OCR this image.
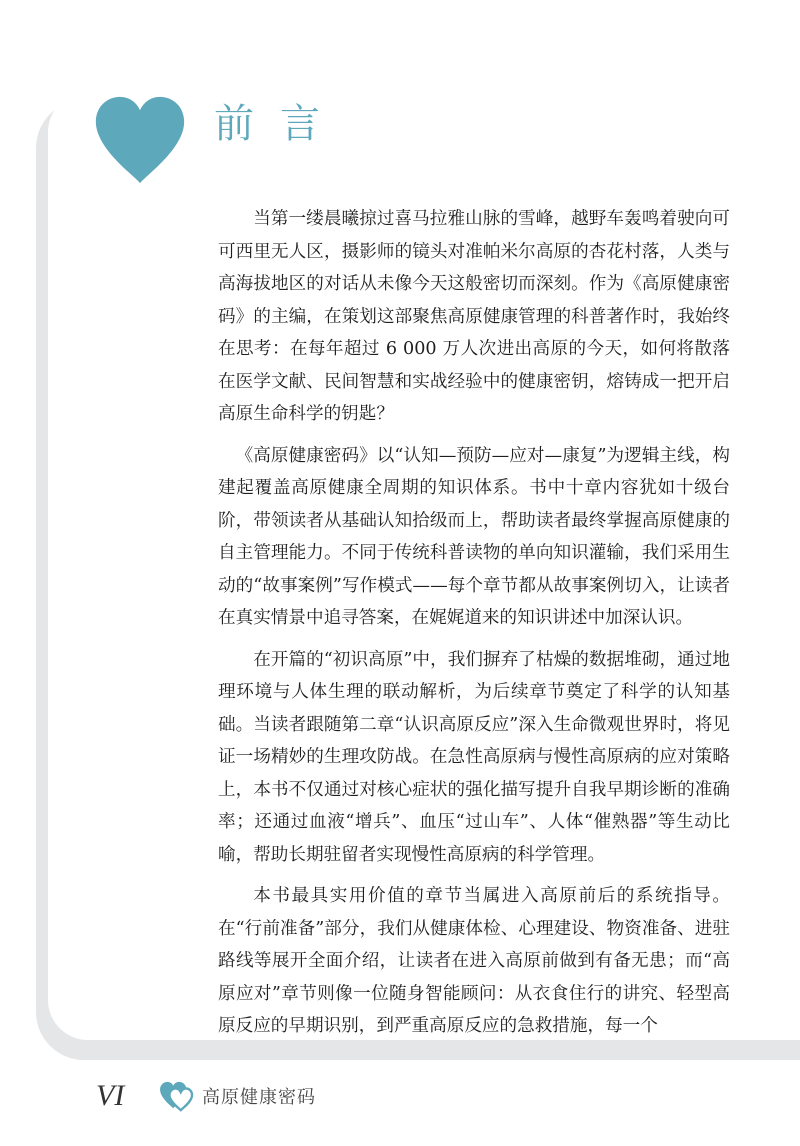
前言

当第一缕晨曦掠过喜马拉雅山脉的雪峰，越野车轰鸣着驶向可可西里无人区，摄影师的镜头对准帕米尔高原的杏花村落，人类与高海拔地区的对话从未像今天这般密切而深刻。作为《高原健康密码》的主编，在策划这部聚焦高原健康管理的科普著作时，我始终在思考：在每年超过 6 000 万人次进出高原的今天，如何将散落在医学文献、民间智慧和实战经验中的健康密钥，熔铸成一把开启高原生命科学的钥匙？

《高原健康密码》以“认知—预防—应对—康复”为逻辑主线，构建起覆盖高原健康全周期的知识体系。书中十章内容犹如十级台阶，带领读者从基础认知拾级而上，帮助读者最终掌握高原健康的自主管理能力。不同于传统科普读物的单向知识灌输，我们采用生动的“故事案例”写作模式——每个章节都从故事案例切入，让读者在真实情景中追寻答案，在娓娓道来的知识讲述中加深认识。

在开篇的“初识高原”中，我们摒弃了枯燥的数据堆砌，通过地理环境与人体生理的联动解析，为后续章节奠定了科学的认知基础。当读者跟随第二章“认识高原反应”深入生命微观世界时，将见证一场精妙的生理攻防战。在急性高原病与慢性高原病的应对策略上，本书不仅通过对核心症状的强化描写提升自我早期诊断的准确率；还通过血液“增兵”、血压“过山车”、人体“催熟器”等生动比喻，帮助长期驻留者实现慢性高原病的科学管理。

本书最具实用价值的章节当属进入高原前后的系统指导。在“行前准备”部分，我们从健康体检、心理建设、物资准备、进驻路线等展开全面介绍，让读者在进入高原前做到有备无患；而“高原应对”章节则像一位随身智能顾问：从衣食住行的讲究、轻型高原反应的早期识别，到严重高原反应的急救措施，每一个

VI	高原健康密码
